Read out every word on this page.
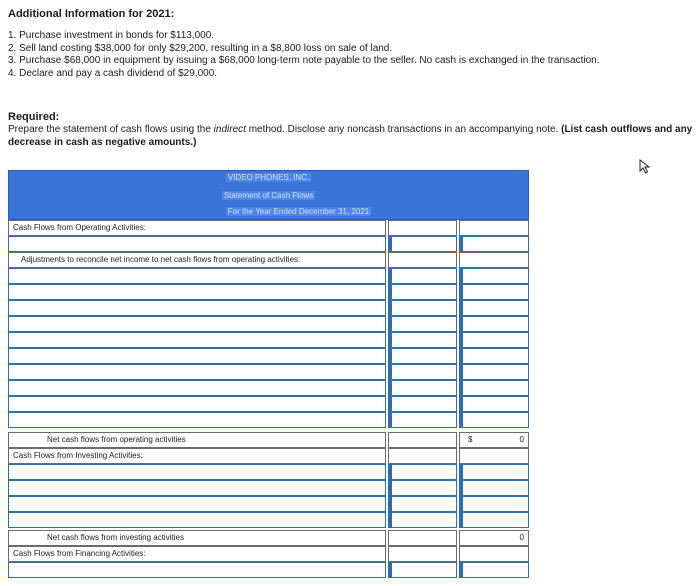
Additional Information for 2021:
1. Purchase investment in bonds for $113,000.
2. Sell land costing $38,000 for only $29,200, resulting in a $8,800 loss on sale of land.
3. Purchase $68,000 in equipment by issuing a $68,000 long-term note payable to the seller. No cash is exchanged in the transaction.
4. Declare and pay a cash dividend of $29,000.
Required:
Prepare the statement of cash flows using the indirect method. Disclose any noncash transactions in an accompanying note. (List cash outflows and any decrease in cash as negative amounts.)
VIDEO PHONES, INC.
Statement of Cash Flows
For the Year Ended December 31, 2021
Cash Flows from Operating Activities:
Adjustments to reconcile net income to net cash flows from operating activities:
Net cash flows from operating activities	$	0
Cash Flows from Investing Activities:
Net cash flows from investing activities	0
Cash Flows from Financing Activities:
